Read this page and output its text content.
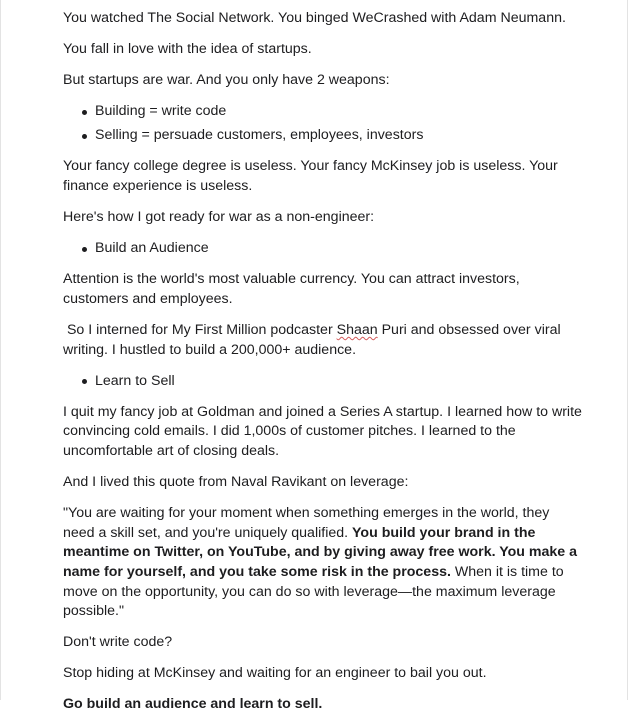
You watched The Social Network. You binged WeCrashed with Adam Neumann.

You fall in love with the idea of startups.

But startups are war. And you only have 2 weapons:

Building = write code
Selling = persuade customers, employees, investors

Your fancy college degree is useless. Your fancy McKinsey job is useless. Your finance experience is useless.

Here's how I got ready for war as a non-engineer:

Build an Audience

Attention is the world's most valuable currency. You can attract investors, customers and employees.

So I interned for My First Million podcaster Shaan Puri and obsessed over viral writing. I hustled to build a 200,000+ audience.

Learn to Sell

I quit my fancy job at Goldman and joined a Series A startup. I learned how to write convincing cold emails. I did 1,000s of customer pitches. I learned to the uncomfortable art of closing deals.

And I lived this quote from Naval Ravikant on leverage:

"You are waiting for your moment when something emerges in the world, they need a skill set, and you're uniquely qualified. You build your brand in the meantime on Twitter, on YouTube, and by giving away free work. You make a name for yourself, and you take some risk in the process. When it is time to move on the opportunity, you can do so with leverage—the maximum leverage possible."

Don't write code?

Stop hiding at McKinsey and waiting for an engineer to bail you out.

Go build an audience and learn to sell.
